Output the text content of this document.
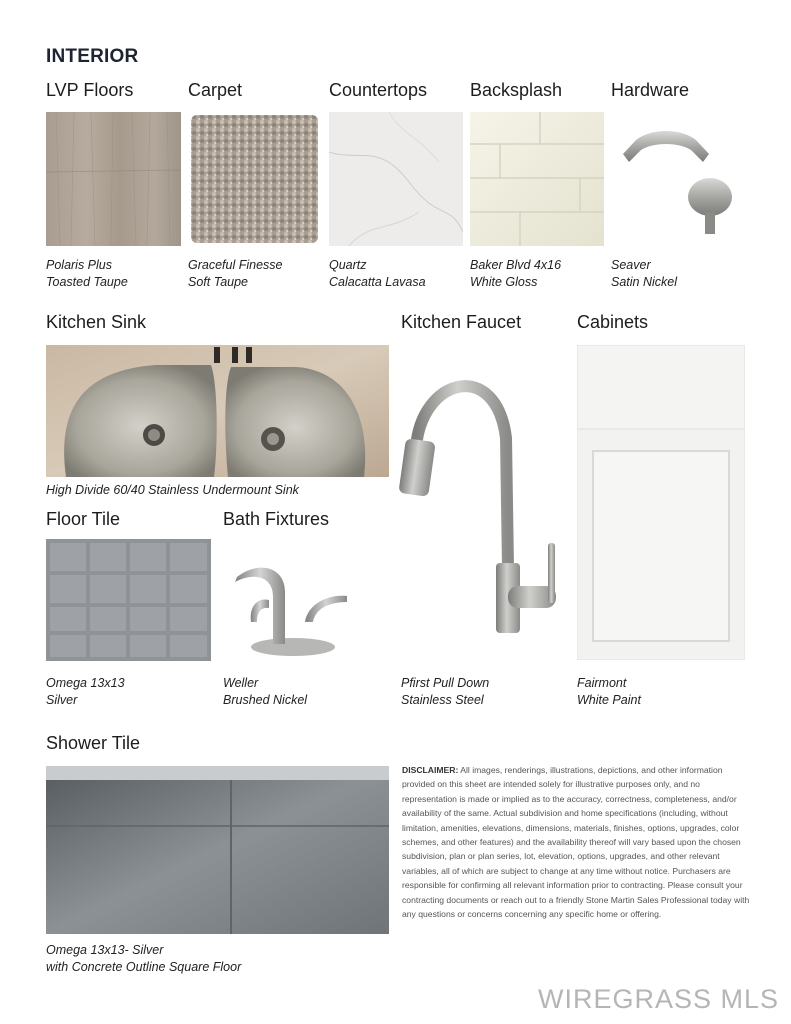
INTERIOR
LVP Floors	Carpet	Countertops Backsplash	Hardware
Polaris Plus
Toasted Taupe
Graceful Finesse
Soft Taupe
Quartz
Calacatta Lavasa
Baker Blvd 4x16
White Gloss
Seaver
Satin Nickel
Kitchen Sink	Kitchen Faucet	Cabinets
High Divide 60/40 Stainless Undermount Sink
Pfirst Pull Down
Stainless Steel
Fairmont
White Paint
Floor Tile	Bath Fixtures
Omega 13x13
Silver
Weller
Brushed Nickel
Shower Tile
Omega 13x13- Silver
with Concrete Outline Square Floor
DISCLAIMER: All images, renderings, illustrations, depictions, and other information provided on this sheet are intended solely for illustrative purposes only, and no representation is made or implied as to the accuracy, correctness, completeness, and/or availability of the same. Actual subdivision and home specifications (including, without limitation, amenities, elevations, dimensions, materials, finishes, options, upgrades, color schemes, and other features) and the availability thereof will vary based upon the chosen subdivision, plan or plan series, lot, elevation, options, upgrades, and other relevant variables, all of which are subject to change at any time without notice. Purchasers are responsible for confirming all relevant information prior to contracting. Please consult your contracting documents or reach out to a friendly Stone Martin Sales Professional today with any questions or concerns concerning any specific home or offering.
WIREGRASS MLS
